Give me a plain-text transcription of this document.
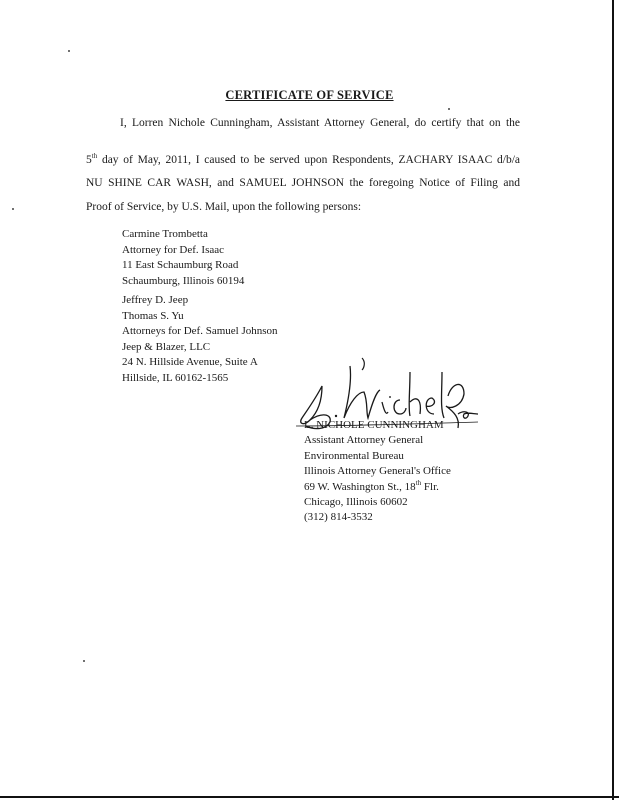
CERTIFICATE OF SERVICE
I, Lorren Nichole Cunningham, Assistant Attorney General, do certify that on the
5th day of May, 2011, I caused to be served upon Respondents, ZACHARY ISAAC d/b/a
NU SHINE CAR WASH, and SAMUEL JOHNSON the foregoing Notice of Filing and
Proof of Service, by U.S. Mail, upon the following persons:
Carmine Trombetta
Attorney for Def. Isaac
11 East Schaumburg Road
Schaumburg, Illinois 60194
Jeffrey D. Jeep
Thomas S. Yu
Attorneys for Def. Samuel Johnson
Jeep & Blazer, LLC
24 N. Hillside Avenue, Suite A
Hillside, IL 60162-1565
L. NICHOLE CUNNINGHAM
Assistant Attorney General
Environmental Bureau
Illinois Attorney General's Office
69 W. Washington St., 18th Flr.
Chicago, Illinois 60602
(312) 814-3532
